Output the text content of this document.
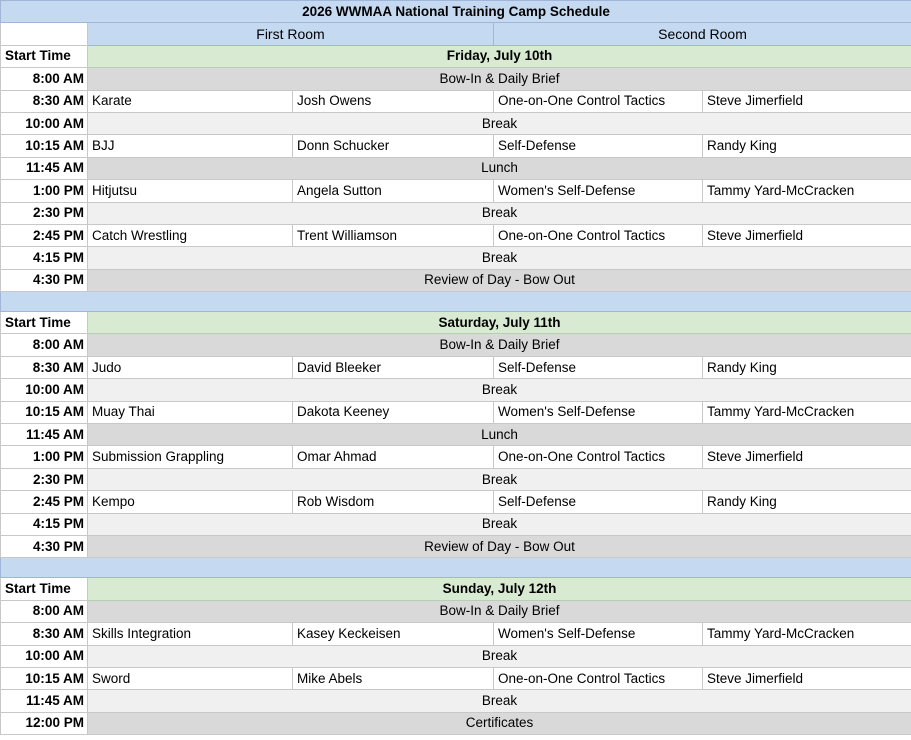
2026 WWMAA National Training Camp Schedule				
	First Room		Second Room	
Start Time	Friday, July 10th			
8:00 AM	Bow-In & Daily Brief			
8:30 AM	Karate	Josh Owens	One-on-One Control Tactics	Steve Jimerfield
10:00 AM	Break			
10:15 AM	BJJ	Donn Schucker	Self-Defense	Randy King
11:45 AM	Lunch			
1:00 PM	Hitjutsu	Angela Sutton	Women's Self-Defense	Tammy Yard-McCracken
2:30 PM	Break			
2:45 PM	Catch Wrestling	Trent Williamson	One-on-One Control Tactics	Steve Jimerfield
4:15 PM	Break			
4:30 PM	Review of Day - Bow Out			

Start Time	Saturday, July 11th			
8:00 AM	Bow-In & Daily Brief			
8:30 AM	Judo	David Bleeker	Self-Defense	Randy King
10:00 AM	Break			
10:15 AM	Muay Thai	Dakota Keeney	Women's Self-Defense	Tammy Yard-McCracken
11:45 AM	Lunch			
1:00 PM	Submission Grappling	Omar Ahmad	One-on-One Control Tactics	Steve Jimerfield
2:30 PM	Break			
2:45 PM	Kempo	Rob Wisdom	Self-Defense	Randy King
4:15 PM	Break			
4:30 PM	Review of Day - Bow Out			

Start Time	Sunday, July 12th			
8:00 AM	Bow-In & Daily Brief			
8:30 AM	Skills Integration	Kasey Keckeisen	Women's Self-Defense	Tammy Yard-McCracken
10:00 AM	Break			
10:15 AM	Sword	Mike Abels	One-on-One Control Tactics	Steve Jimerfield
11:45 AM	Break			
12:00 PM	Certificates			
